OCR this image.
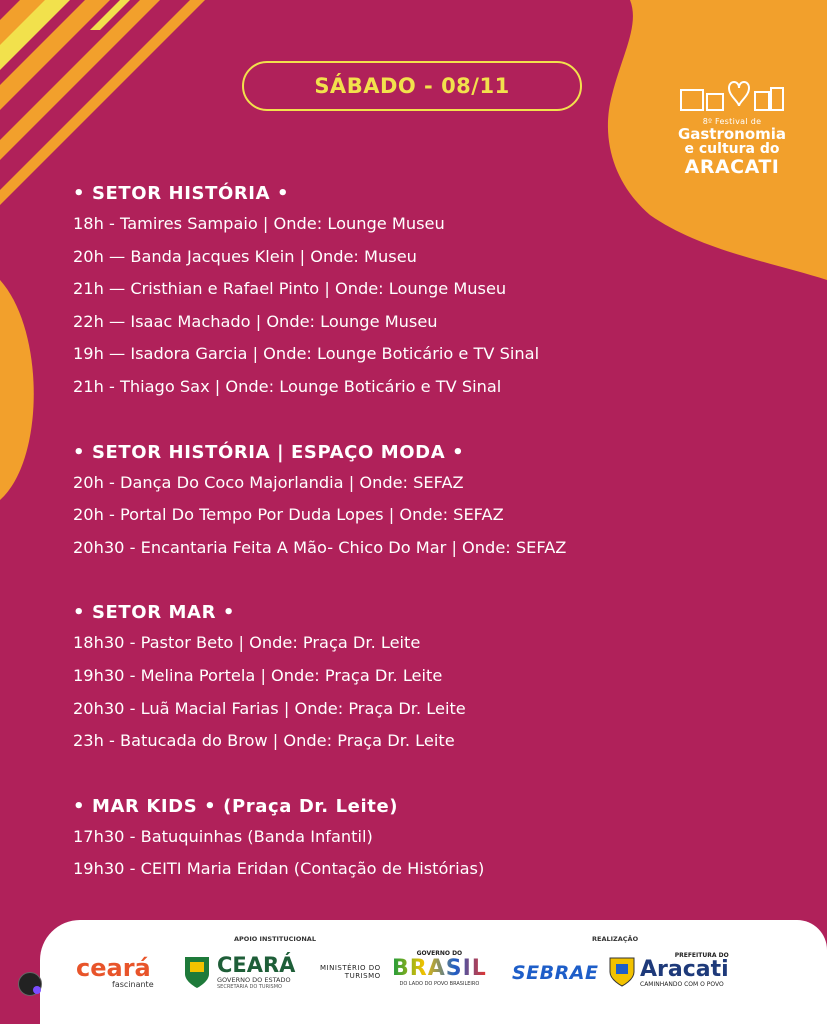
SÁBADO - 08/11
8º Festival de
Gastronomia
e cultura do
ARACATI
• SETOR HISTÓRIA •
18h - Tamires Sampaio | Onde: Lounge Museu
20h — Banda Jacques Klein | Onde: Museu
21h — Cristhian e Rafael Pinto | Onde: Lounge Museu
22h — Isaac Machado | Onde: Lounge Museu
19h — Isadora Garcia | Onde: Lounge Boticário e TV Sinal
21h - Thiago Sax | Onde: Lounge Boticário e TV Sinal
• SETOR HISTÓRIA | ESPAÇO MODA •
20h - Dança Do Coco Majorlandia | Onde: SEFAZ
20h - Portal Do Tempo Por Duda Lopes | Onde: SEFAZ
20h30 - Encantaria Feita A Mão- Chico Do Mar | Onde: SEFAZ
• SETOR MAR •
18h30 - Pastor Beto | Onde: Praça Dr. Leite
19h30 - Melina Portela | Onde: Praça Dr. Leite
20h30 - Luã Macial Farias | Onde: Praça Dr. Leite
23h - Batucada do Brow | Onde: Praça Dr. Leite
• MAR KIDS • (Praça Dr. Leite)
17h30 - Batuquinhas (Banda Infantil)
19h30 - CEITI Maria Eridan (Contação de Histórias)
APOIO INSTITUCIONAL	REALIZAÇÃO
ceará
fascinante
CEARÁ
GOVERNO DO ESTADO
SECRETARIA DO TURISMO
MINISTÉRIO DO
TURISMO
GOVERNO DO
BRASIL
DO LADO DO POVO BRASILEIRO SEBRAE
PREFEITURA DO
Aracati
CAMINHANDO COM O POVO
